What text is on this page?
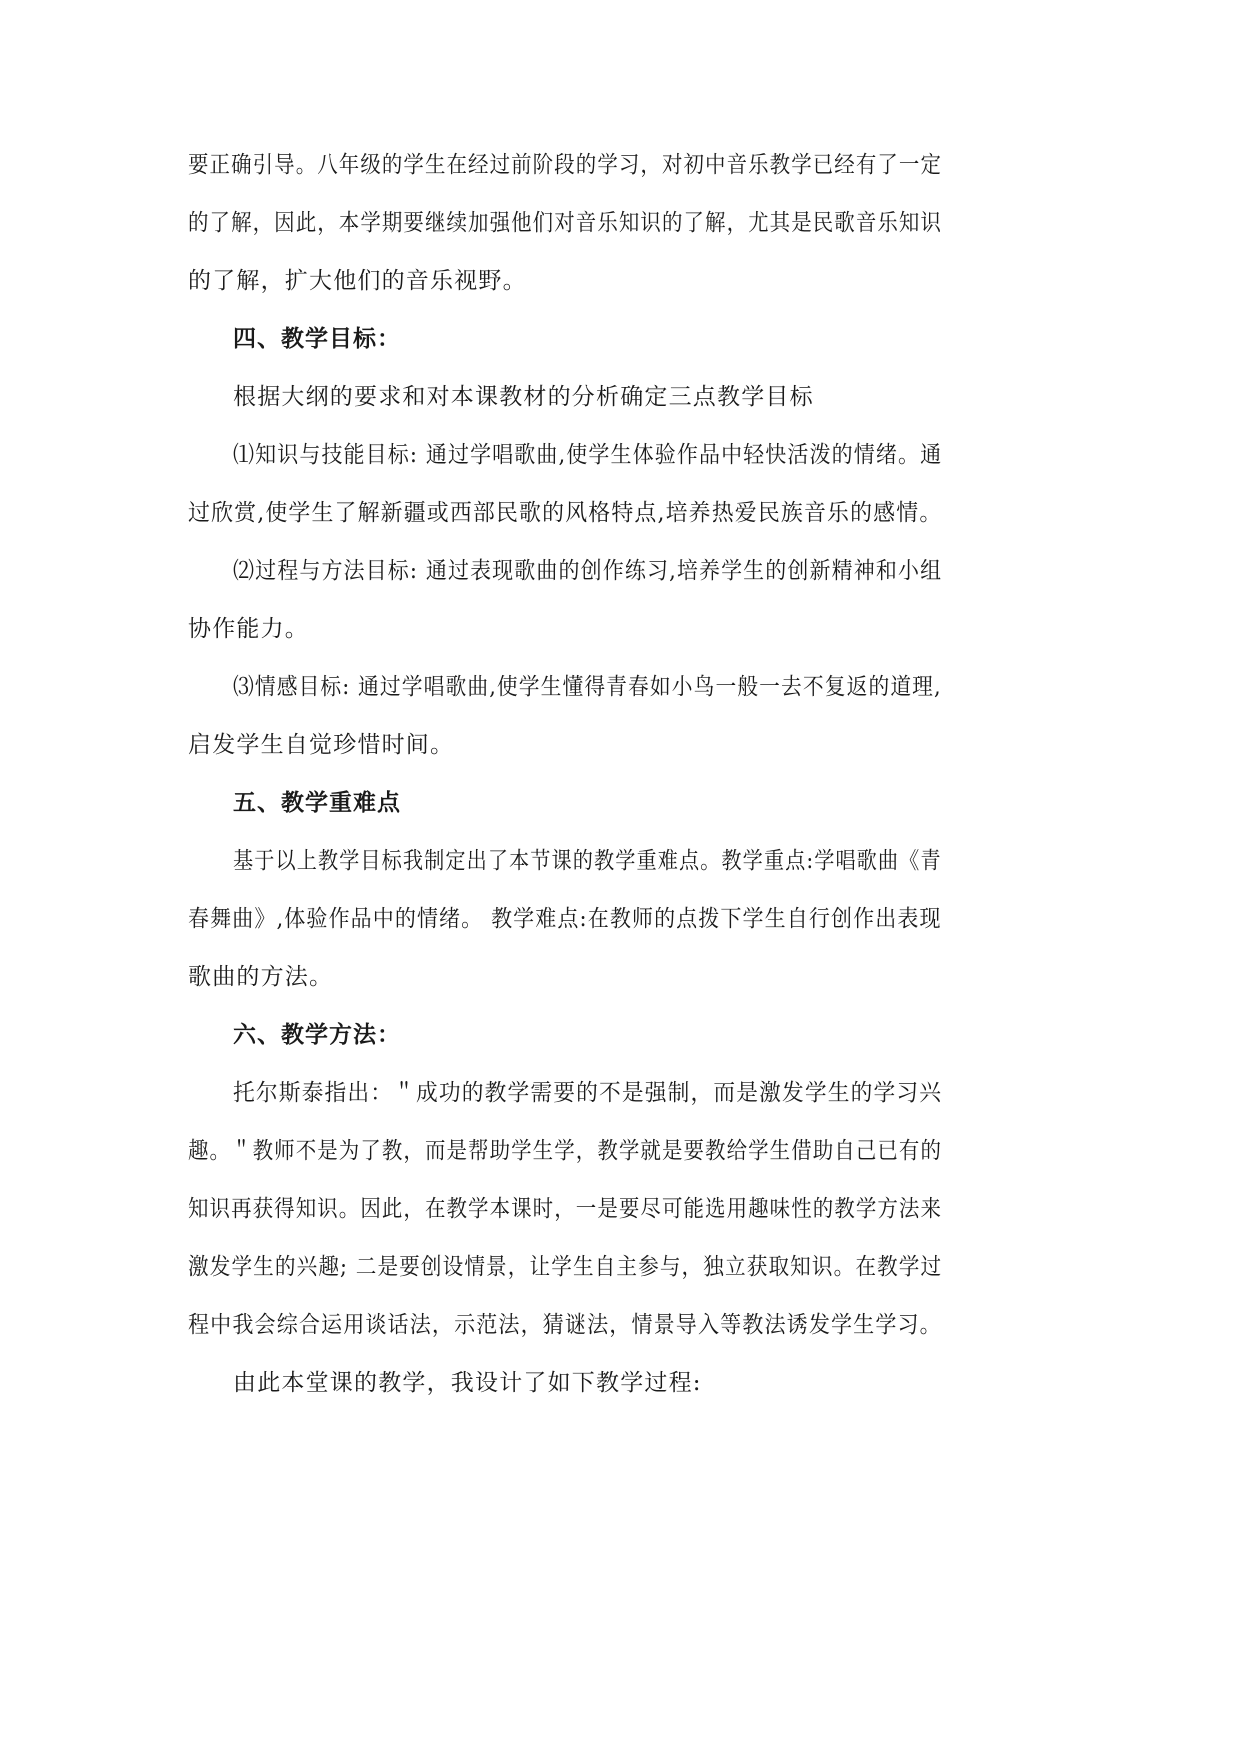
要正确引导。八年级的学生在经过前阶段的学习，对初中音乐教学已经有了一定
的了解，因此，本学期要继续加强他们对音乐知识的了解，尤其是民歌音乐知识
的了解，扩大他们的音乐视野。
四、教学目标：
根据大纲的要求和对本课教材的分析确定三点教学目标
⑴知识与技能目标: 通过学唱歌曲,使学生体验作品中轻快活泼的情绪。通
过欣赏,使学生了解新疆或西部民歌的风格特点,培养热爱民族音乐的感情。
⑵过程与方法目标: 通过表现歌曲的创作练习,培养学生的创新精神和小组
协作能力。
⑶情感目标: 通过学唱歌曲,使学生懂得青春如小鸟一般一去不复返的道理,
启发学生自觉珍惜时间。
五、教学重难点
基于以上教学目标我制定出了本节课的教学重难点。教学重点:学唱歌曲《青
春舞曲》,体验作品中的情绪。 教学难点:在教师的点拨下学生自行创作出表现
歌曲的方法。
六、教学方法：
托尔斯泰指出：＂成功的教学需要的不是强制，而是激发学生的学习兴
趣。＂教师不是为了教，而是帮助学生学，教学就是要教给学生借助自己已有的
知识再获得知识。因此，在教学本课时，一是要尽可能选用趣味性的教学方法来
激发学生的兴趣; 二是要创设情景，让学生自主参与，独立获取知识。在教学过
程中我会综合运用谈话法，示范法，猜谜法，情景导入等教法诱发学生学习。
由此本堂课的教学，我设计了如下教学过程:
